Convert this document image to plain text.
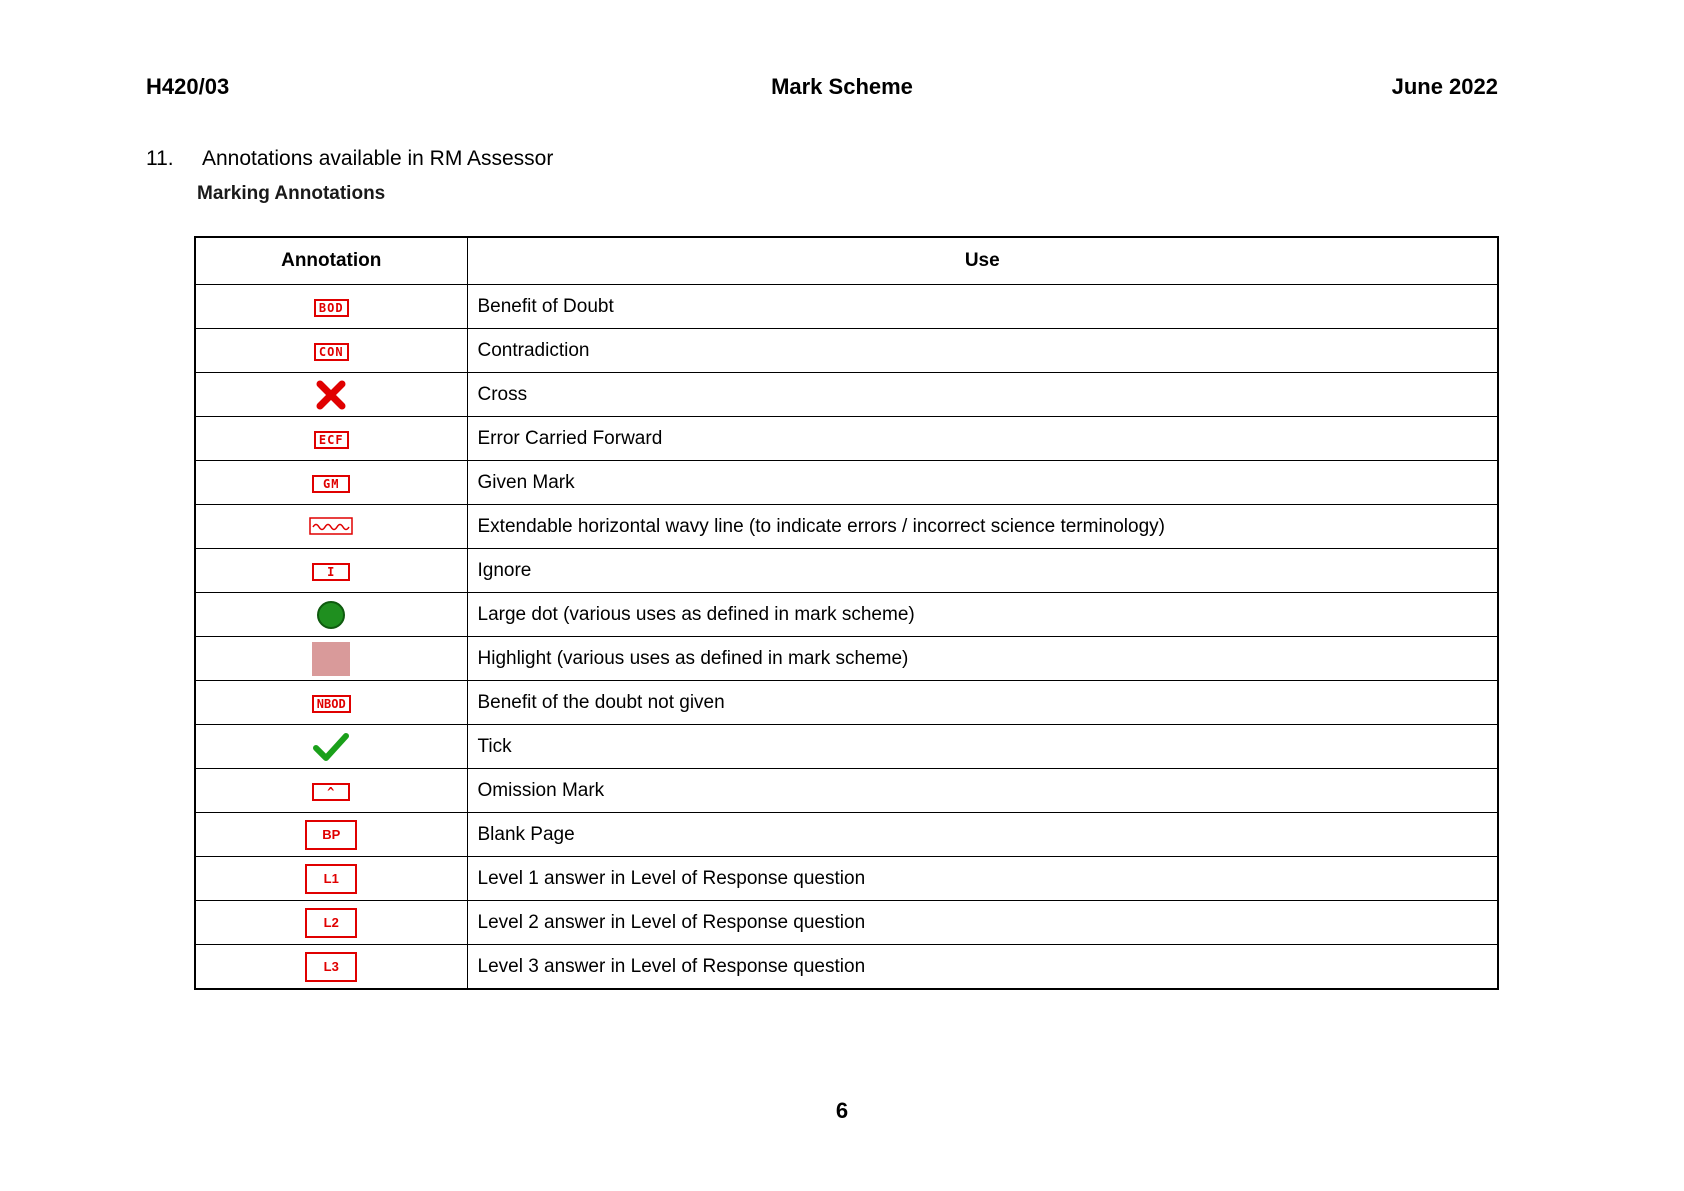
H420/03	Mark Scheme	June 2022
11. Annotations available in RM Assessor
Marking Annotations
Annotation	Use
BOD	Benefit of Doubt
CON	Contradiction
	Cross
ECF	Error Carried Forward
GM	Given Mark
	Extendable horizontal wavy line (to indicate errors / incorrect science terminology)
I	Ignore
	Large dot (various uses as defined in mark scheme)
	Highlight (various uses as defined in mark scheme)
NBOD	Benefit of the doubt not given
	Tick
^	Omission Mark
BP	Blank Page
L1	Level 1 answer in Level of Response question
L2	Level 2 answer in Level of Response question
L3	Level 3 answer in Level of Response question
6
